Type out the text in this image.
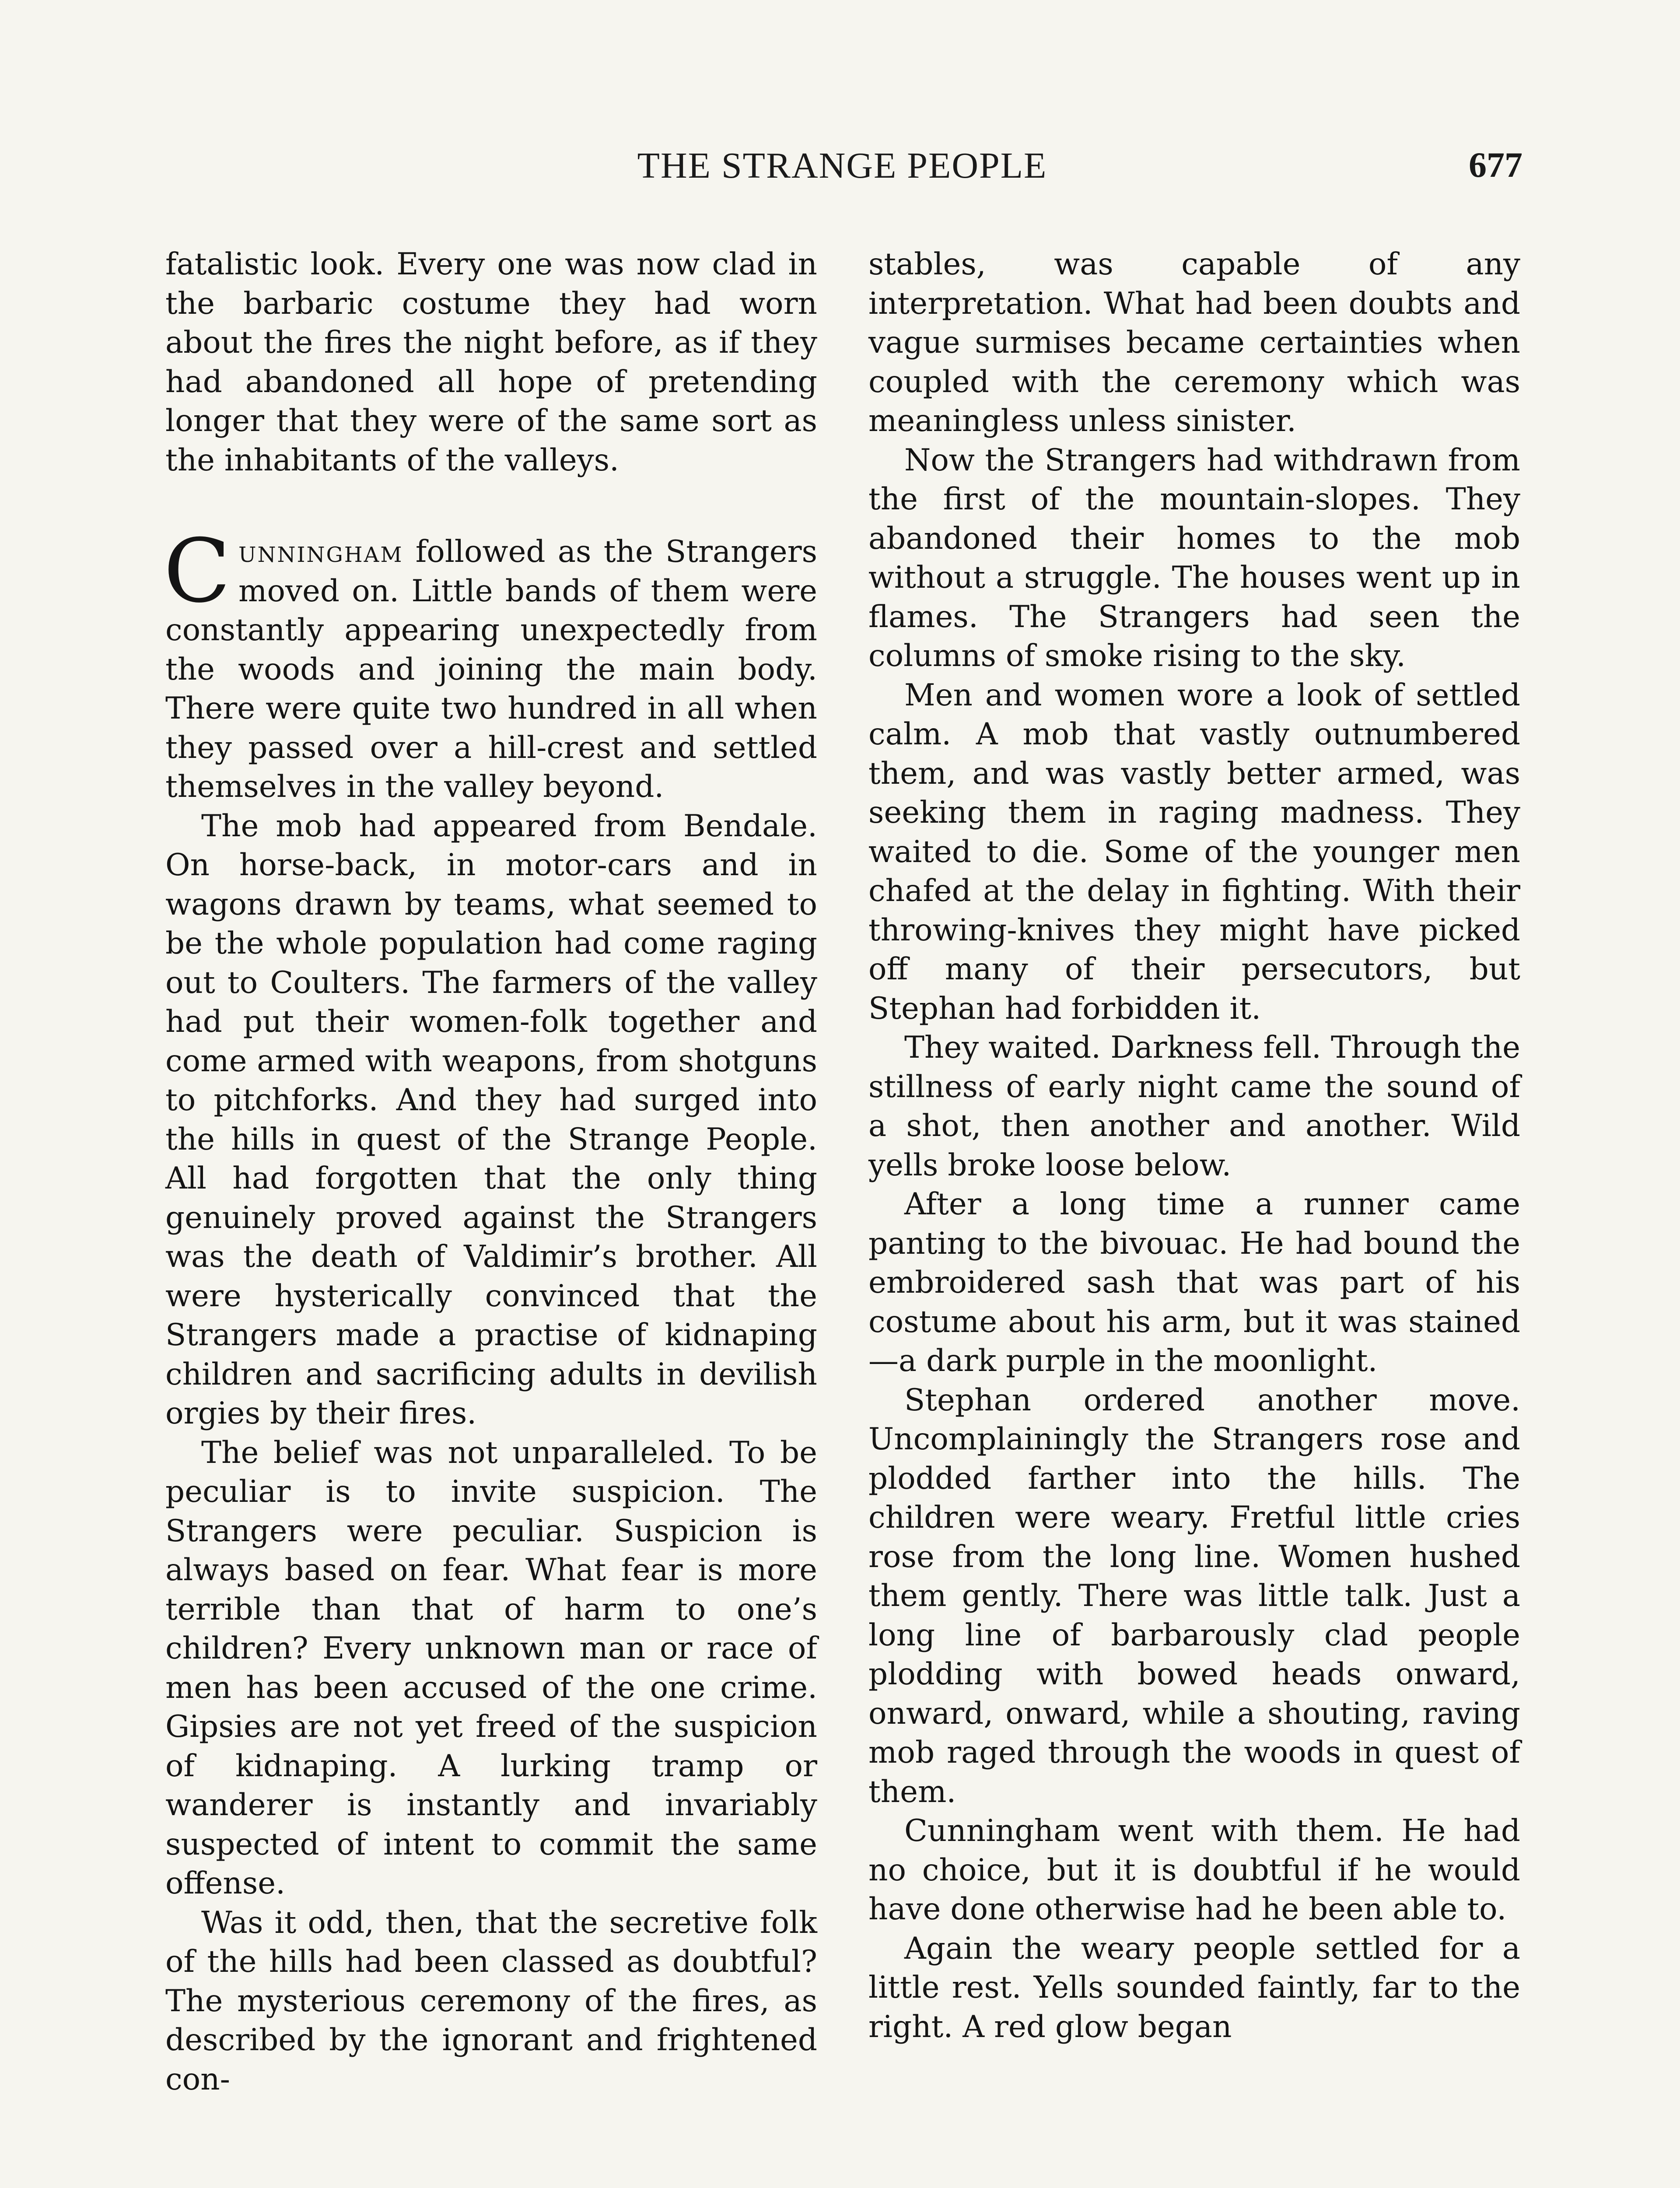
THE STRANGE PEOPLE	677

fatalistic look. Every one was now clad in the barbaric costume they had worn about the fires the night before, as if they had abandoned all hope of pretending longer that they were of the same sort as the inhabitants of the valleys.

Cunningham followed as the Strangers moved on. Little bands of them were constantly appearing unexpectedly from the woods and joining the main body. There were quite two hundred in all when they passed over a hill-crest and settled themselves in the valley beyond.

The mob had appeared from Bendale. On horse-back, in motor-cars and in wagons drawn by teams, what seemed to be the whole population had come raging out to Coulters. The farmers of the valley had put their women-folk together and come armed with weapons, from shotguns to pitchforks. And they had surged into the hills in quest of the Strange People. All had forgotten that the only thing genuinely proved against the Strangers was the death of Valdimir’s brother. All were hysterically convinced that the Strangers made a practise of kidnaping children and sacrificing adults in devilish orgies by their fires.

The belief was not unparalleled. To be peculiar is to invite suspicion. The Strangers were peculiar. Suspicion is always based on fear. What fear is more terrible than that of harm to one’s children? Every unknown man or race of men has been accused of the one crime. Gipsies are not yet freed of the suspicion of kidnaping. A lurking tramp or wanderer is instantly and invariably suspected of intent to commit the same offense.

Was it odd, then, that the secretive folk of the hills had been classed as doubtful? The mysterious ceremony of the fires, as described by the ignorant and frightened con-

stables, was capable of any interpretation. What had been doubts and vague surmises became certainties when coupled with the ceremony which was meaningless unless sinister.

Now the Strangers had withdrawn from the first of the mountain-slopes. They abandoned their homes to the mob without a struggle. The houses went up in flames. The Strangers had seen the columns of smoke rising to the sky.

Men and women wore a look of settled calm. A mob that vastly outnumbered them, and was vastly better armed, was seeking them in raging madness. They waited to die. Some of the younger men chafed at the delay in fighting. With their throwing-knives they might have picked off many of their persecutors, but Stephan had forbidden it.

They waited. Darkness fell. Through the stillness of early night came the sound of a shot, then another and another. Wild yells broke loose below.

After a long time a runner came panting to the bivouac. He had bound the embroidered sash that was part of his costume about his arm, but it was stained—a dark purple in the moonlight.

Stephan ordered another move. Uncomplainingly the Strangers rose and plodded farther into the hills. The children were weary. Fretful little cries rose from the long line. Women hushed them gently. There was little talk. Just a long line of barbarously clad people plodding with bowed heads onward, onward, onward, while a shouting, raving mob raged through the woods in quest of them.

Cunningham went with them. He had no choice, but it is doubtful if he would have done otherwise had he been able to.

Again the weary people settled for a little rest. Yells sounded faintly, far to the right. A red glow began
